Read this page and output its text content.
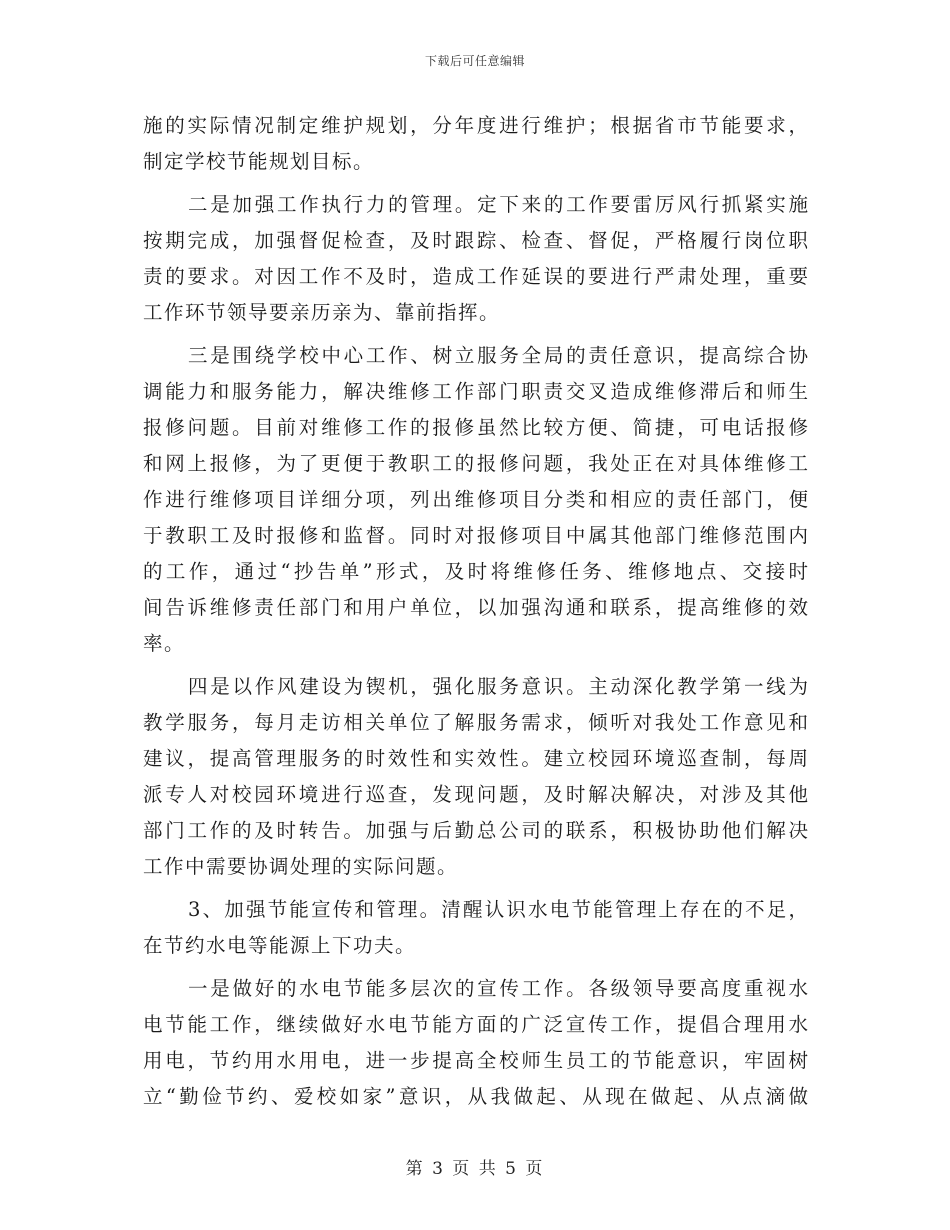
下载后可任意编辑
施的实际情况制定维护规划，分年度进行维护；根据省市节能要求，
制定学校节能规划目标。
二是加强工作执行力的管理。定下来的工作要雷厉风行抓紧实施
按期完成，加强督促检查，及时跟踪、检查、督促，严格履行岗位职
责的要求。对因工作不及时，造成工作延误的要进行严肃处理，重要
工作环节领导要亲历亲为、靠前指挥。
三是围绕学校中心工作、树立服务全局的责任意识，提高综合协
调能力和服务能力，解决维修工作部门职责交叉造成维修滞后和师生
报修问题。目前对维修工作的报修虽然比较方便、简捷，可电话报修
和网上报修，为了更便于教职工的报修问题，我处正在对具体维修工
作进行维修项目详细分项，列出维修项目分类和相应的责任部门，便
于教职工及时报修和监督。同时对报修项目中属其他部门维修范围内
的工作，通过“抄告单”形式，及时将维修任务、维修地点、交接时
间告诉维修责任部门和用户单位，以加强沟通和联系，提高维修的效
率。
四是以作风建设为锲机，强化服务意识。主动深化教学第一线为
教学服务，每月走访相关单位了解服务需求，倾听对我处工作意见和
建议，提高管理服务的时效性和实效性。建立校园环境巡查制，每周
派专人对校园环境进行巡查，发现问题，及时解决解决，对涉及其他
部门工作的及时转告。加强与后勤总公司的联系，积极协助他们解决
工作中需要协调处理的实际问题。
3、加强节能宣传和管理。清醒认识水电节能管理上存在的不足，
在节约水电等能源上下功夫。
一是做好的水电节能多层次的宣传工作。各级领导要高度重视水
电节能工作，继续做好水电节能方面的广泛宣传工作，提倡合理用水
用电，节约用水用电，进一步提高全校师生员工的节能意识，牢固树
立“勤俭节约、爱校如家”意识，从我做起、从现在做起、从点滴做
第 3 页 共 5 页
